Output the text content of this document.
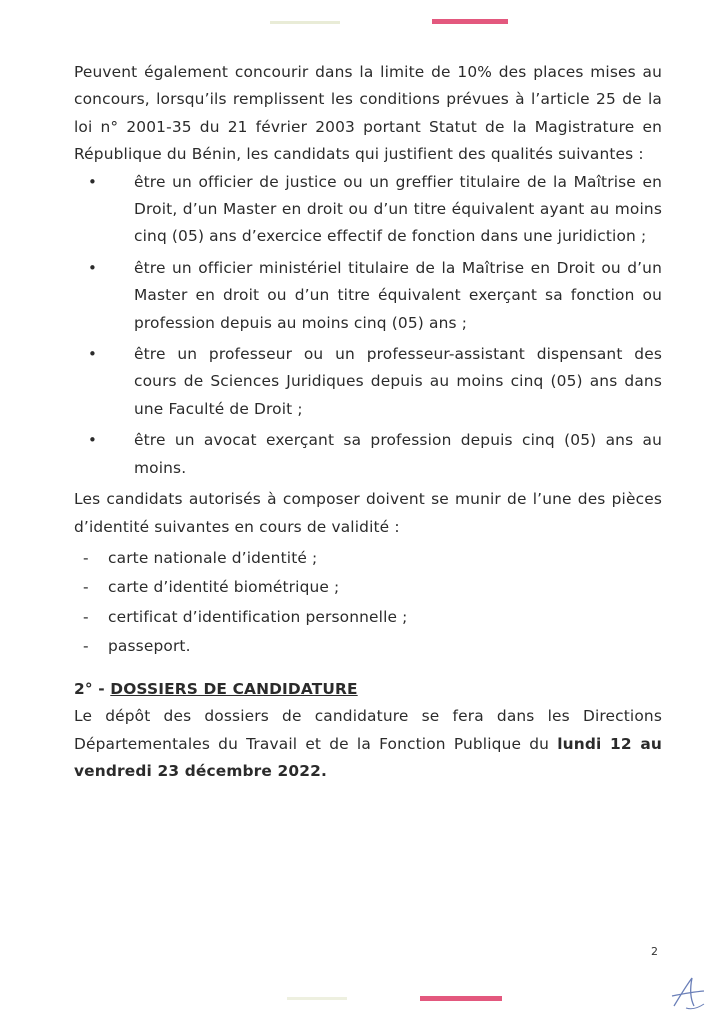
Peuvent également concourir dans la limite de 10% des places mises au concours, lorsqu’ils remplissent les conditions prévues à l’article 25 de la loi n° 2001-35 du 21 février 2003 portant Statut de la Magistrature en République du Bénin, les candidats qui justifient des qualités suivantes :

• être un officier de justice ou un greffier titulaire de la Maîtrise en Droit, d’un Master en droit ou d’un titre équivalent ayant au moins cinq (05) ans d’exercice effectif de fonction dans une juridiction ;
• être un officier ministériel titulaire de la Maîtrise en Droit ou d’un Master en droit ou d’un titre équivalent exerçant sa fonction ou profession depuis au moins cinq (05) ans ;
• être un professeur ou un professeur-assistant dispensant des cours de Sciences Juridiques depuis au moins cinq (05) ans dans une Faculté de Droit ;
• être un avocat exerçant sa profession depuis cinq (05) ans au moins.

Les candidats autorisés à composer doivent se munir de l’une des pièces d’identité suivantes en cours de validité :

- carte nationale d’identité ;
- carte d’identité biométrique ;
- certificat d’identification personnelle ;
- passeport.
2° - DOSSIERS DE CANDIDATURE

Le dépôt des dossiers de candidature se fera dans les Directions Départementales du Travail et de la Fonction Publique du lundi 12 au vendredi 23 décembre 2022.

2
